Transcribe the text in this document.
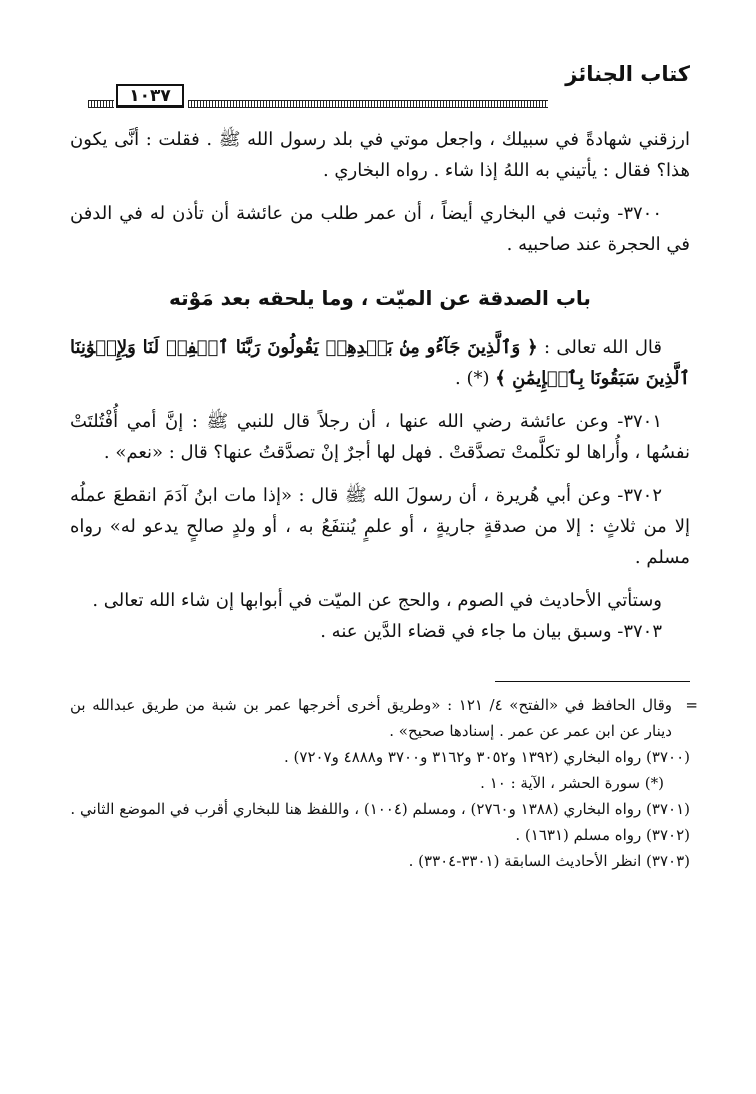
كتاب الجنائز
١٠٣٧

ارزقني شهادةً في سبيلك ، واجعل موتي في بلد رسول الله ﷺ . فقلت : أنَّى يكون هذا؟ فقال : يأتيني به اللهُ إذا شاء . رواه البخاري .

٣٧٠٠- وثبت في البخاري أيضاً ، أن عمر طلب من عائشة أن تأذن له في الدفن في الحجرة عند صاحبيه .

باب الصدقة عن الميّت ، وما يلحقه بعد مَوْته

قال الله تعالى : ﴿ وَٱلَّذِينَ جَآءُو مِنۢ بَعۡدِهِمۡ يَقُولُونَ رَبَّنَا ٱغۡفِرۡ لَنَا وَلِإِخۡوَٰنِنَا ٱلَّذِينَ سَبَقُونَا بِٱلۡإِيمَٰنِ ﴾ (*) .

٣٧٠١- وعن عائشة رضي الله عنها ، أن رجلاً قال للنبي ﷺ : إنَّ أمي أُفْتُلتَتْ نفسُها ، وأُراها لو تكلَّمتْ تصدَّقتْ . فهل لها أجرٌ إنْ تصدَّقتُ عنها؟ قال : «نعم» .

٣٧٠٢- وعن أبي هُريرة ، أن رسولَ الله ﷺ قال : «إذا مات ابنُ آدَمَ انقطعَ عملُه إلا من ثلاثٍ : إلا من صدقةٍ جاريةٍ ، أو علمٍ يُنتفَعُ به ، أو ولدٍ صالحٍ يدعو له» رواه مسلم .

وستأتي الأحاديث في الصوم ، والحج عن الميّت في أبوابها إن شاء الله تعالى .

٣٧٠٣- وسبق بيان ما جاء في قضاء الدَّين عنه .

=
وقال الحافظ في «الفتح» ٤/ ١٢١ : «وطريق أخرى أخرجها عمر بن شبة من طريق عبدالله بن دينار عن ابن عمر عن عمر . إسنادها صحيح» .

(٣٧٠٠) رواه البخاري (١٣٩٢ و٣٠٥٢ و٣١٦٢ و٣٧٠٠ و٤٨٨٨ و٧٢٠٧) .

(*) سورة الحشر ، الآية : ١٠ .

(٣٧٠١) رواه البخاري (١٣٨٨ و٢٧٦٠) ، ومسلم (١٠٠٤) ، واللفظ هنا للبخاري أقرب في الموضع الثاني .

(٣٧٠٢) رواه مسلم (١٦٣١) .

(٣٧٠٣) انظر الأحاديث السابقة (٣٣٠١-٣٣٠٤) .
